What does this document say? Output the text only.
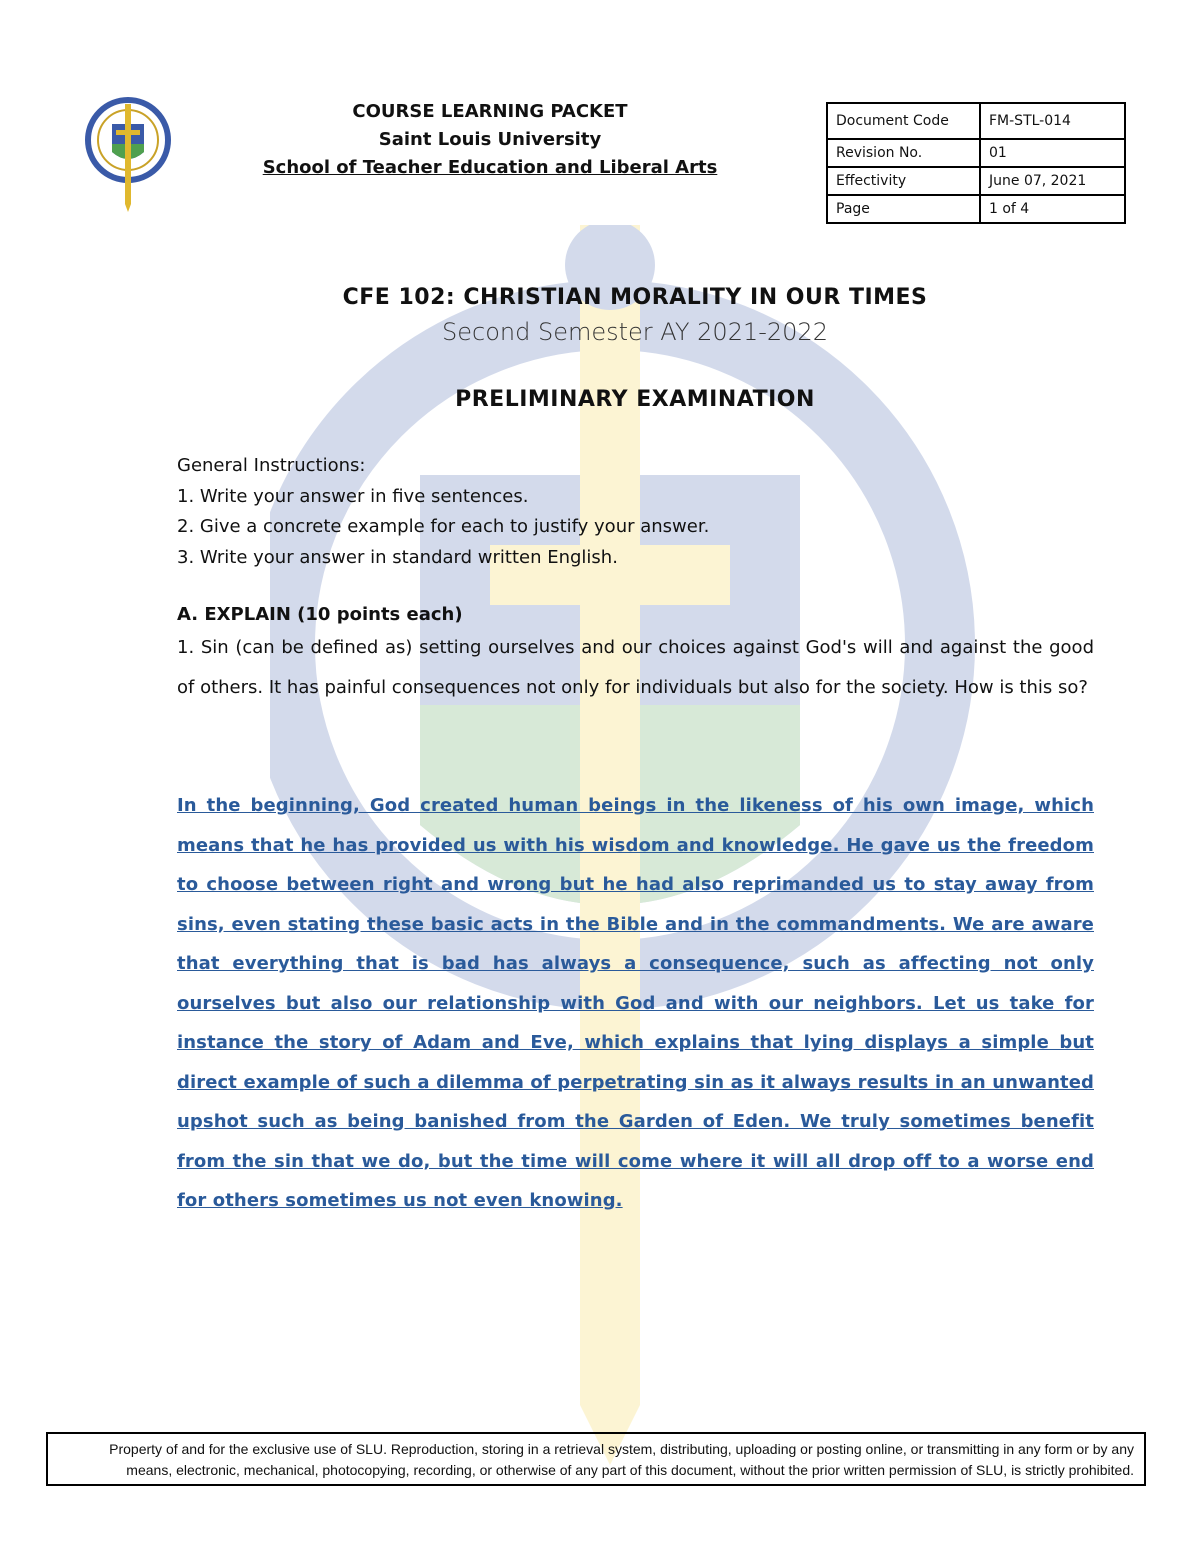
COURSE LEARNING PACKET
Saint Louis University
School of Teacher Education and Liberal Arts
Document Code	FM-STL-014
Revision No.	01
Effectivity	June 07, 2021
Page	1 of 4
CFE 102: CHRISTIAN MORALITY IN OUR TIMES
Second Semester AY 2021-2022
PRELIMINARY EXAMINATION
General Instructions:
1. Write your answer in five sentences.
2. Give a concrete example for each to justify your answer.
3. Write your answer in standard written English.
A. EXPLAIN (10 points each)
1. Sin (can be defined as) setting ourselves and our choices against God's will and against the good of others. It has painful consequences not only for individuals but also for the society. How is this so?
In the beginning, God created human beings in the likeness of his own image, which means that he has provided us with his wisdom and knowledge. He gave us the freedom to choose between right and wrong but he had also reprimanded us to stay away from sins, even stating these basic acts in the Bible and in the commandments. We are aware that everything that is bad has always a consequence, such as affecting not only ourselves but also our relationship with God and with our neighbors. Let us take for instance the story of Adam and Eve, which explains that lying displays a simple but direct example of such a dilemma of perpetrating sin as it always results in an unwanted upshot such as being banished from the Garden of Eden. We truly sometimes benefit from the sin that we do, but the time will come where it will all drop off to a worse end for others sometimes us not even knowing.
Property of and for the exclusive use of SLU. Reproduction, storing in a retrieval system, distributing, uploading or posting online, or transmitting in any form or by any
means, electronic, mechanical, photocopying, recording, or otherwise of any part of this document, without the prior written permission of SLU, is strictly prohibited.
